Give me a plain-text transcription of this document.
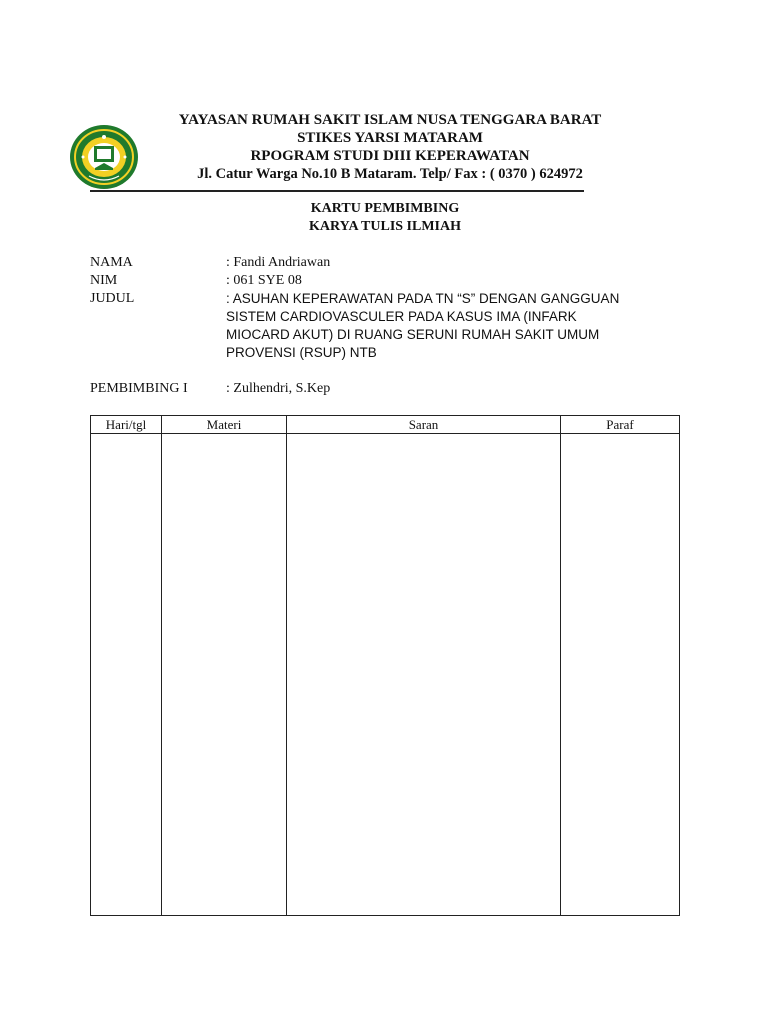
YAYASAN RUMAH SAKIT ISLAM NUSA TENGGARA BARAT
STIKES YARSI MATARAM
RPOGRAM STUDI DIII KEPERAWATAN
Jl. Catur Warga No.10 B Mataram. Telp/ Fax : ( 0370 ) 624972
KARTU PEMBIMBING
KARYA TULIS ILMIAH
NAMA	: Fandi Andriawan
NIM	: 061 SYE 08
JUDUL	: ASUHAN KEPERAWATAN PADA TN “S” DENGAN GANGGUAN
SISTEM CARDIOVASCULER PADA KASUS IMA (INFARK
MIOCARD AKUT) DI RUANG SERUNI RUMAH SAKIT UMUM
PROVENSI (RSUP) NTB
PEMBIMBING I	: Zulhendri, S.Kep
Hari/tgl	Materi	Saran	Paraf
